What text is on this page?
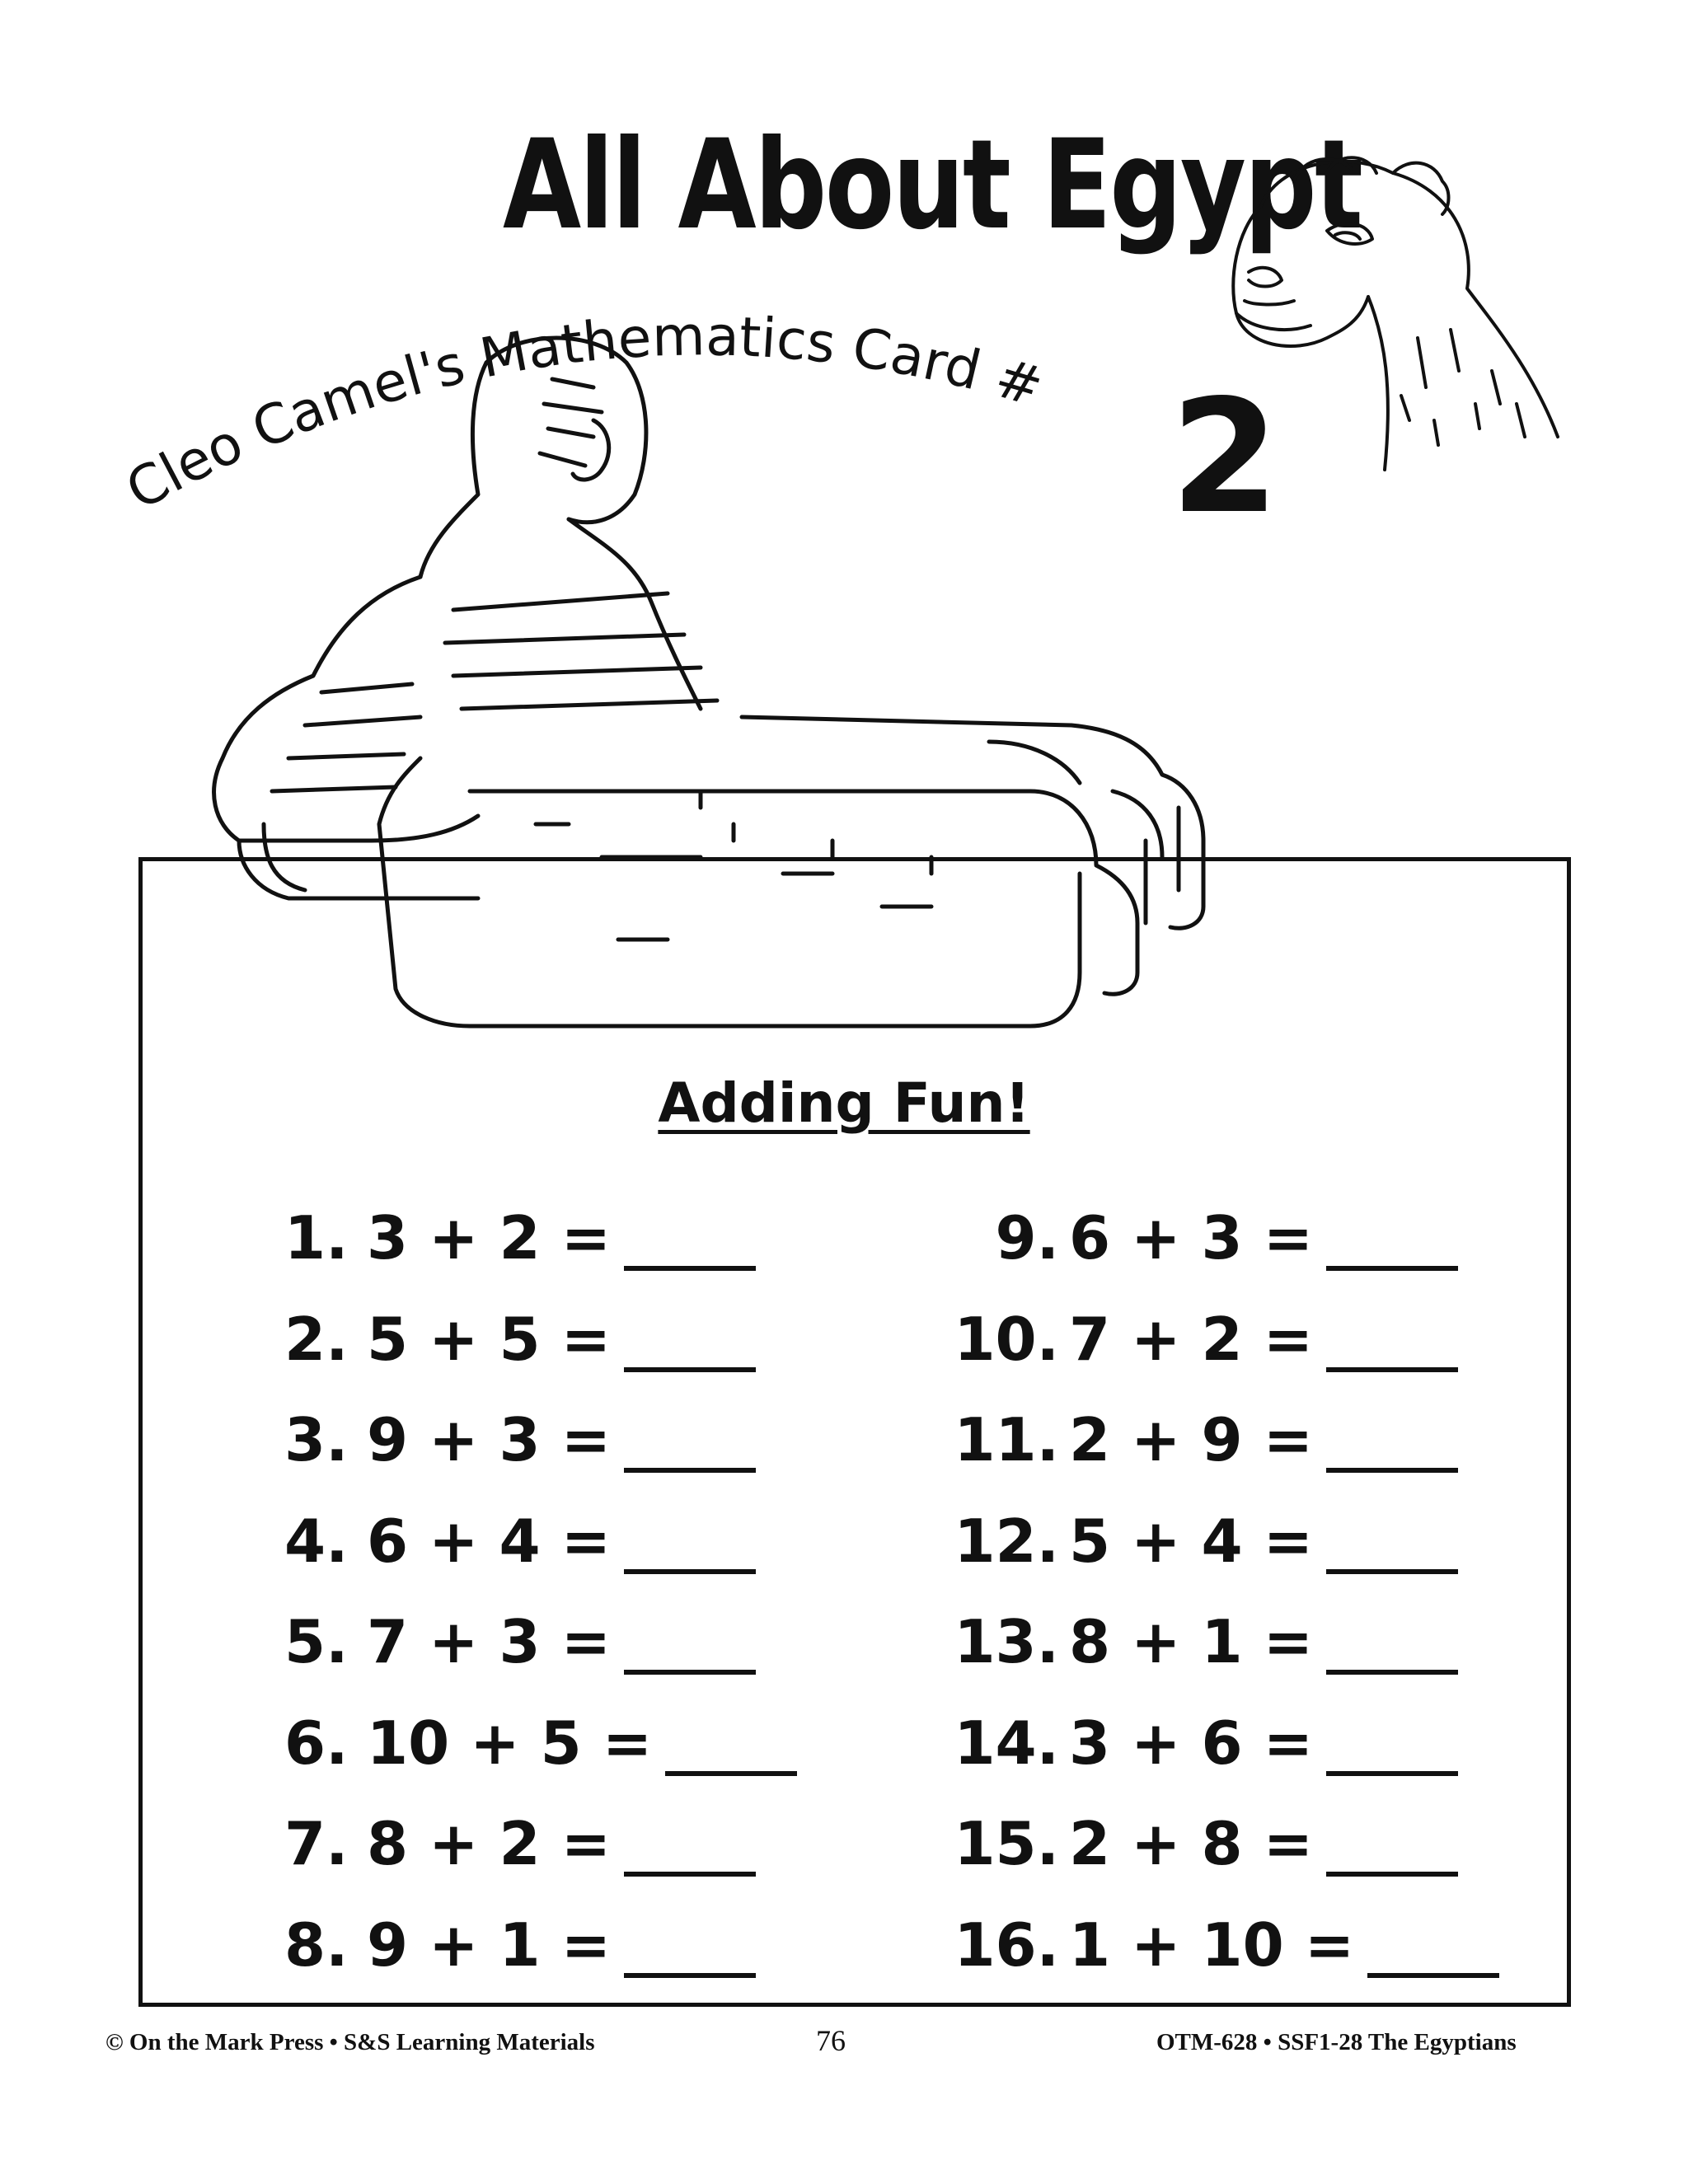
All About Egypt
Cleo Camel's Mathematics Card # 2
Adding Fun!
1. 3 + 2 =
2. 5 + 5 =
3. 9 + 3 =
4. 6 + 4 =
5. 7 + 3 =
6. 10 + 5 =
7. 8 + 2 =
8. 9 + 1 =
9. 6 + 3 =
10. 7 + 2 =
11. 2 + 9 =
12. 5 + 4 =
13. 8 + 1 =
14. 3 + 6 =
15. 2 + 8 =
16. 1 + 10 =
© On the Mark Press • S&S Learning Materials	76	OTM-628 • SSF1-28 The Egyptians
